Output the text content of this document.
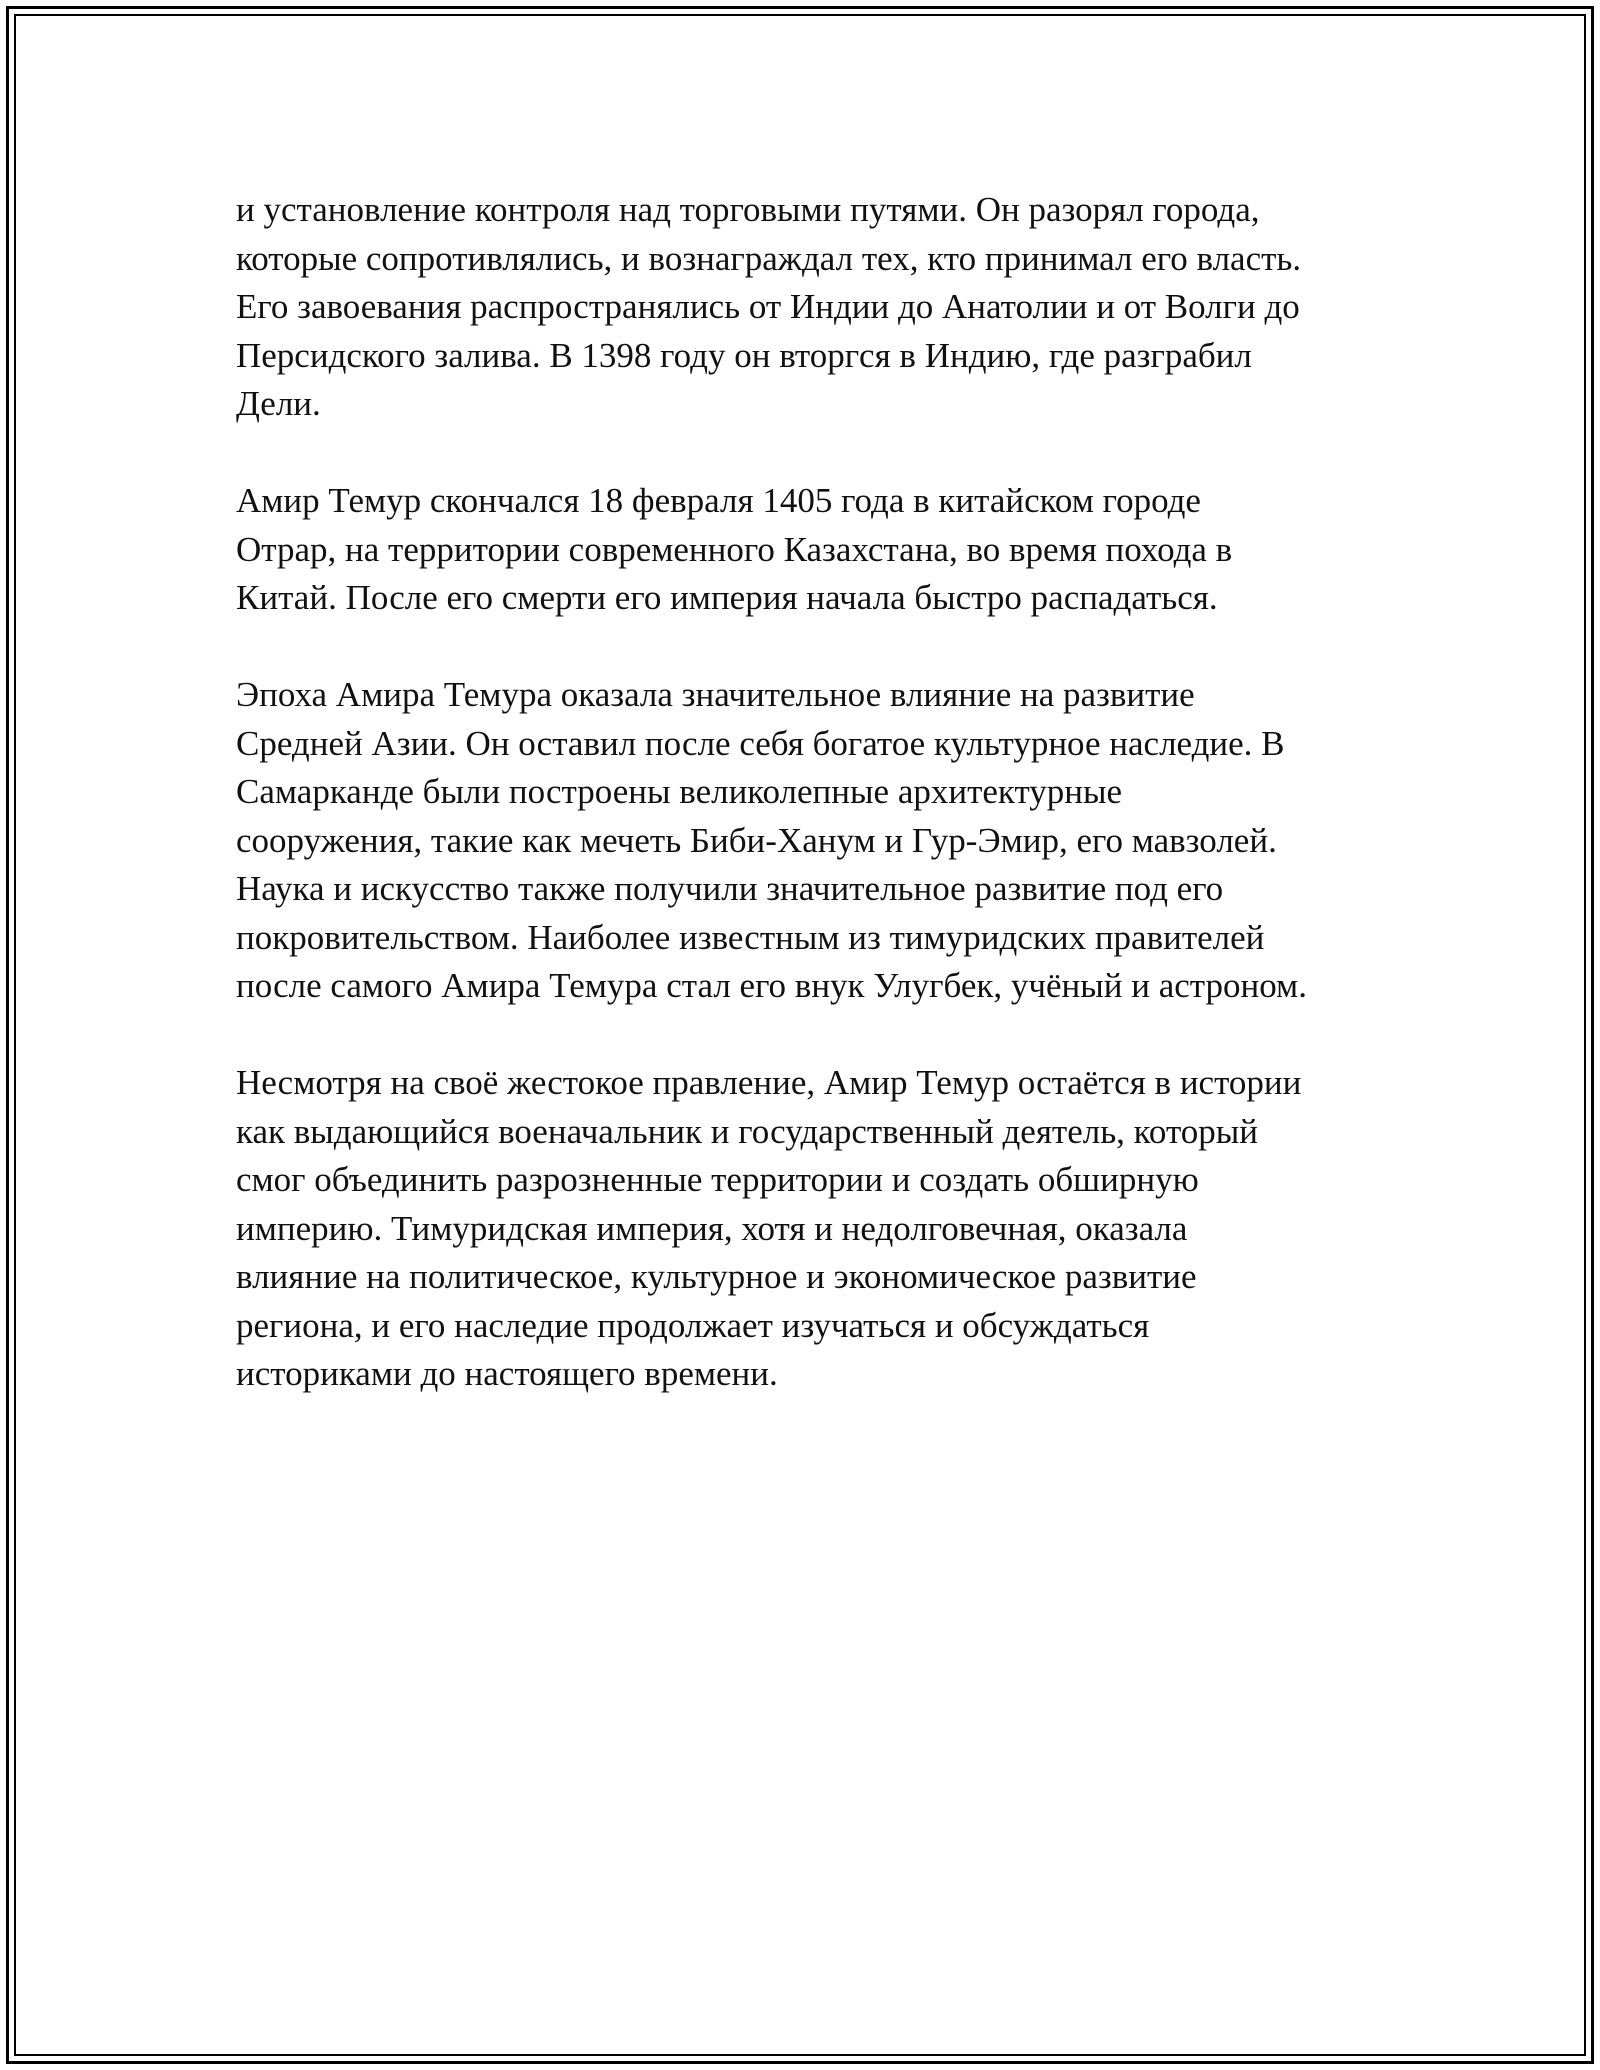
и установление контроля над торговыми путями. Он разорял города,
которые сопротивлялись, и вознаграждал тех, кто принимал его власть.
Его завоевания распространялись от Индии до Анатолии и от Волги до
Персидского залива. В 1398 году он вторгся в Индию, где разграбил
Дели.

Амир Темур скончался 18 февраля 1405 года в китайском городе
Отрар, на территории современного Казахстана, во время похода в
Китай. После его смерти его империя начала быстро распадаться.

Эпоха Амира Темура оказала значительное влияние на развитие
Средней Азии. Он оставил после себя богатое культурное наследие. В
Самарканде были построены великолепные архитектурные
сооружения, такие как мечеть Биби-Ханум и Гур-Эмир, его мавзолей.
Наука и искусство также получили значительное развитие под его
покровительством. Наиболее известным из тимуридских правителей
после самого Амира Темура стал его внук Улугбек, учёный и астроном.

Несмотря на своё жестокое правление, Амир Темур остаётся в истории
как выдающийся военачальник и государственный деятель, который
смог объединить разрозненные территории и создать обширную
империю. Тимуридская империя, хотя и недолговечная, оказала
влияние на политическое, культурное и экономическое развитие
региона, и его наследие продолжает изучаться и обсуждаться
историками до настоящего времени.
